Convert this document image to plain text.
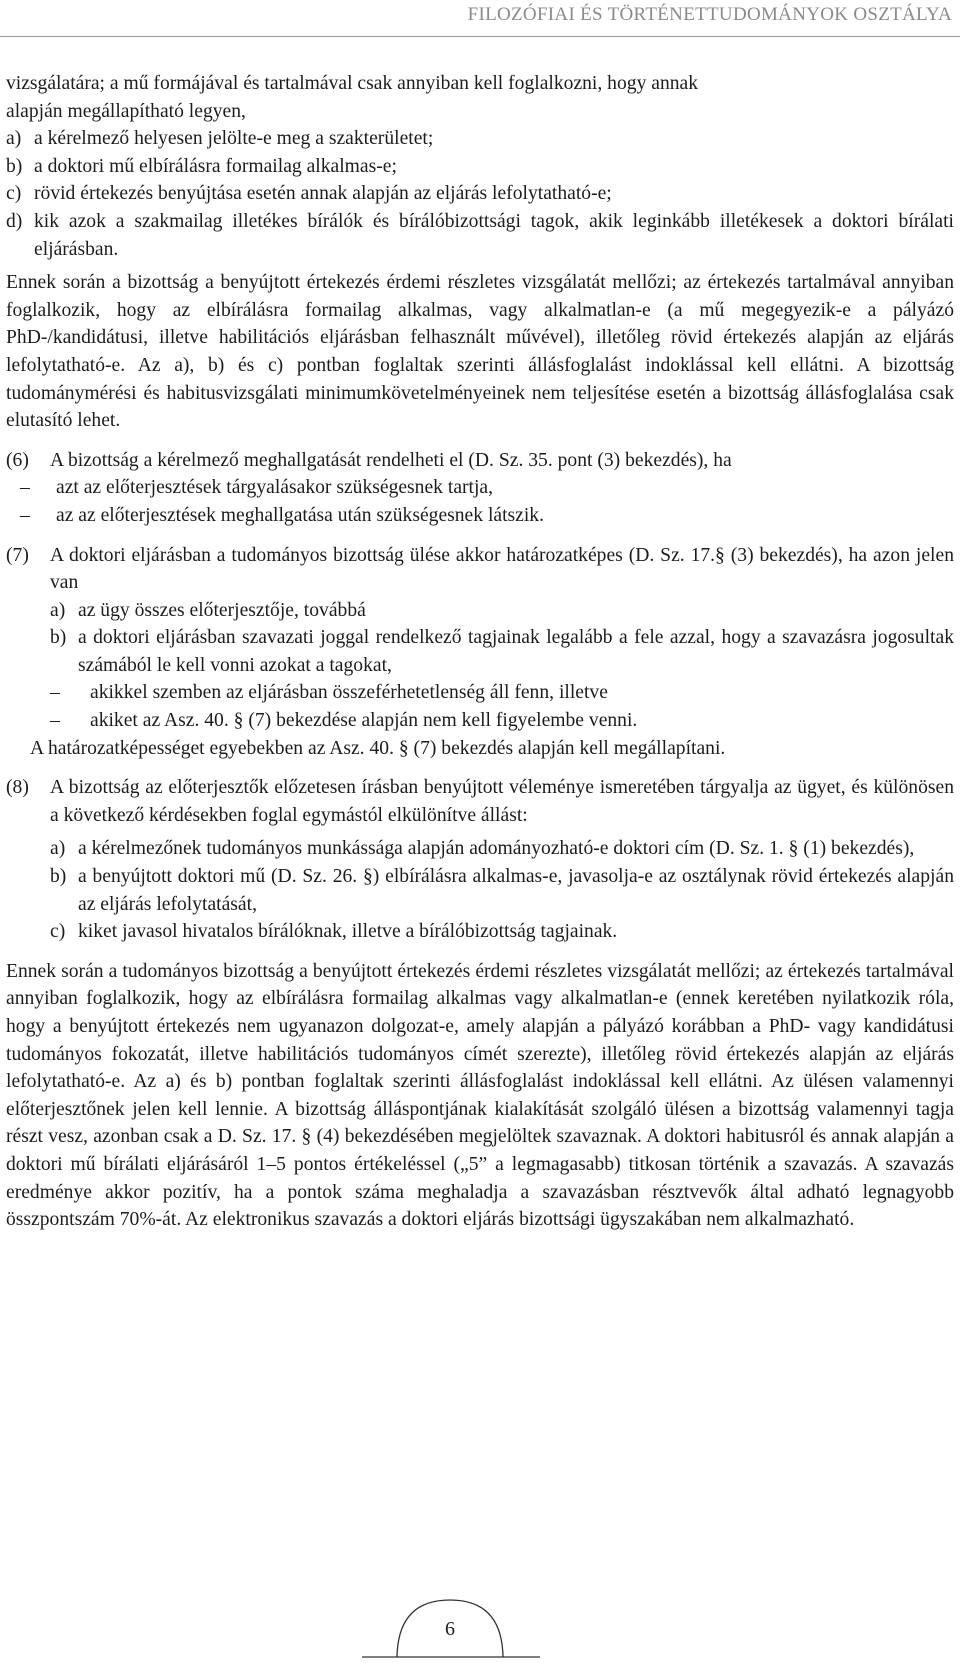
FILOZÓFIAI ÉS TÖRTÉNETTUDOMÁNYOK OSZTÁLYA

vizsgálatára; a mű formájával és tartalmával csak annyiban kell foglalkozni, hogy annak

alapján megállapítható legyen,

a) a kérelmező helyesen jelölte-e meg a szakterületet;

b) a doktori mű elbírálásra formailag alkalmas-e;

c) rövid értekezés benyújtása esetén annak alapján az eljárás lefolytatható-e;

d) kik azok a szakmailag illetékes bírálók és bírálóbizottsági tagok, akik leginkább illetékesek a doktori bírálati eljárásban.

Ennek során a bizottság a benyújtott értekezés érdemi részletes vizsgálatát mellőzi; az értekezés tartalmával annyiban foglalkozik, hogy az elbírálásra formailag alkalmas, vagy alkalmatlan-e (a mű megegyezik-e a pályázó PhD-/kandidátusi, illetve habilitációs eljárásban felhasznált művével), illetőleg rövid értekezés alapján az eljárás lefolytatható-e. Az a), b) és c) pontban foglaltak szerinti állásfoglalást indoklással kell ellátni. A bizottság tudománymérési és habitusvizsgálati minimumkövetelményeinek nem teljesítése esetén a bizottság állásfoglalása csak elutasító lehet.

(6) A bizottság a kérelmező meghallgatását rendelheti el (D. Sz. 35. pont (3) bekezdés), ha

– azt az előterjesztések tárgyalásakor szükségesnek tartja,

– az az előterjesztések meghallgatása után szükségesnek látszik.

(7) A doktori eljárásban a tudományos bizottság ülése akkor határozatképes (D. Sz. 17.§ (3) bekezdés), ha azon jelen van

a) az ügy összes előterjesztője, továbbá

b) a doktori eljárásban szavazati joggal rendelkező tagjainak legalább a fele azzal, hogy a szavazásra jogosultak számából le kell vonni azokat a tagokat,

– akikkel szemben az eljárásban összeférhetetlenség áll fenn, illetve

– akiket az Asz. 40. § (7) bekezdése alapján nem kell figyelembe venni.

A határozatképességet egyebekben az Asz. 40. § (7) bekezdés alapján kell megállapítani.

(8) A bizottság az előterjesztők előzetesen írásban benyújtott véleménye ismeretében tárgyalja az ügyet, és különösen a következő kérdésekben foglal egymástól elkülönítve állást:

a) a kérelmezőnek tudományos munkássága alapján adományozható-e doktori cím (D. Sz. 1. § (1) bekezdés),

b) a benyújtott doktori mű (D. Sz. 26. §) elbírálásra alkalmas-e, javasolja-e az osztálynak rövid értekezés alapján az eljárás lefolytatását,

c) kiket javasol hivatalos bírálóknak, illetve a bírálóbizottság tagjainak.

Ennek során a tudományos bizottság a benyújtott értekezés érdemi részletes vizsgálatát mellőzi; az értekezés tartalmával annyiban foglalkozik, hogy az elbírálásra formailag alkalmas vagy alkalmatlan-e (ennek keretében nyilatkozik róla, hogy a benyújtott értekezés nem ugyanazon dolgozat-e, amely alapján a pályázó korábban a PhD- vagy kandidátusi tudományos fokozatát, illetve habilitációs tudományos címét szerezte), illetőleg rövid értekezés alapján az eljárás lefolytatható-e. Az a) és b) pontban foglaltak szerinti állásfoglalást indoklással kell ellátni. Az ülésen valamennyi előterjesztőnek jelen kell lennie. A bizottság álláspontjának kialakítását szolgáló ülésen a bizottság valamennyi tagja részt vesz, azonban csak a D. Sz. 17. § (4) bekezdésében megjelöltek szavaznak. A doktori habitusról és annak alapján a doktori mű bírálati eljárásáról 1–5 pontos értékeléssel („5” a legmagasabb) titkosan történik a szavazás. A szavazás eredménye akkor pozitív, ha a pontok száma meghaladja a szavazásban résztvevők által adható legnagyobb összpontszám 70%-át. Az elektronikus szavazás a doktori eljárás bizottsági ügyszakában nem alkalmazható.

6
